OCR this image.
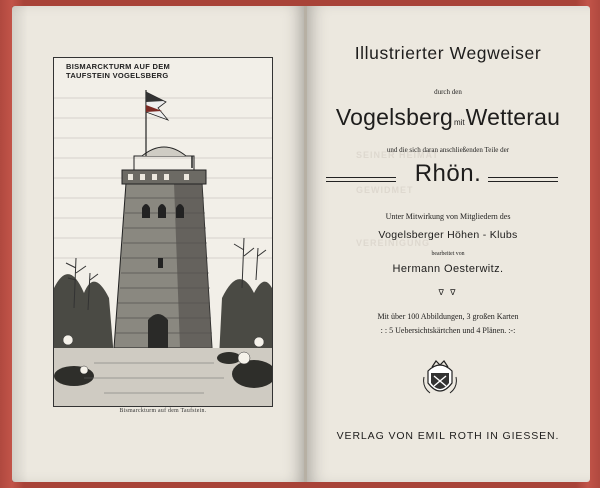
BISMARCKTURM AUF DEM
TAUFSTEIN VOGELSBERG
Bismarckturm auf dem Taufstein.
SEINER HEIMAT
GEWIDMET
VEREINIGUNG
Illustrierter Wegweiser
durch den
VogelsbergmitWetterau
und die sich daran anschließenden Teile der
Rhön.
Unter Mitwirkung von Mitgliedern des
Vogelsberger Höhen - Klubs
bearbeitet von
Hermann Oesterwitz.
∇ ∇
Mit über 100 Abbildungen, 3 großen Karten
: : 5 Uebersichtskärtchen und 4 Plänen. :-:
VERLAG VON EMIL ROTH IN GIESSEN.
